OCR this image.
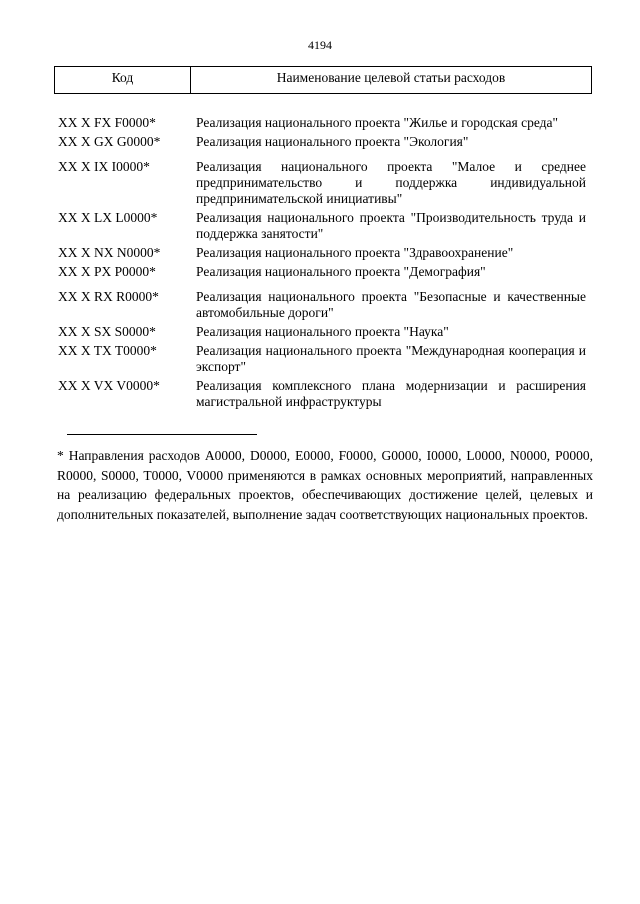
4194
Код	Наименование целевой статьи расходов
XX X FX F0000*	Реализация национального проекта "Жилье и городская среда"
XX X GX G0000*	Реализация национального проекта "Экология"
XX X IX I0000*	Реализация национального проекта "Малое и среднее предпринимательство и поддержка индивидуальной предпринимательской инициативы"
XX X LX L0000*	Реализация национального проекта "Производительность труда и поддержка занятости"
XX X NX N0000*	Реализация национального проекта "Здравоохранение"
XX X PX P0000*	Реализация национального проекта "Демография"
XX X RX R0000*	Реализация национального проекта "Безопасные и качественные автомобильные дороги"
XX X SX S0000*	Реализация национального проекта "Наука"
XX X TX T0000*	Реализация национального проекта "Международная кооперация и экспорт"
XX X VX V0000*	Реализация комплексного плана модернизации и расширения магистральной инфраструктуры
* Направления расходов A0000, D0000, E0000, F0000, G0000, I0000, L0000, N0000, P0000, R0000, S0000, T0000, V0000 применяются в рамках основных мероприятий, направленных на реализацию федеральных проектов, обеспечивающих достижение целей, целевых и дополнительных показателей, выполнение задач соответствующих национальных проектов.
